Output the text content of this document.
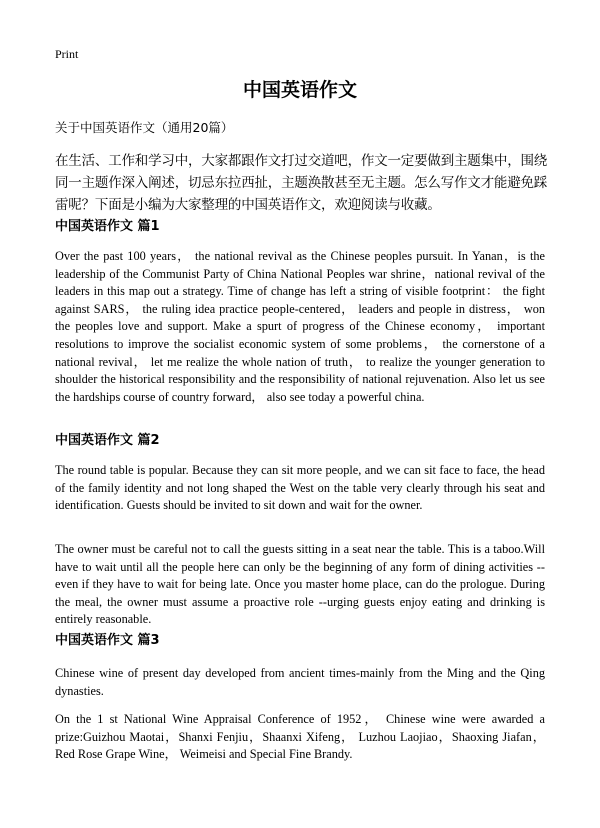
Print
中国英语作文
关于中国英语作文（通用20篇）
在生活、工作和学习中，大家都跟作文打过交道吧，作文一定要做到主题集中，围绕同一主题作深入阐述，切忌东拉西扯，主题涣散甚至无主题。怎么写作文才能避免踩雷呢？下面是小编为大家整理的中国英语作文，欢迎阅读与收藏。
中国英语作文 篇1
Over the past 100 years， the national revival as the Chinese peoples pursuit. In Yanan，is the leadership of the Communist Party of China National Peoples war shrine，national revival of the leaders in this map out a strategy. Time of change has left a string of visible footprint： the fight against SARS， the ruling idea practice people-centered， leaders and people in distress， won the peoples love and support. Make a spurt of progress of the Chinese economy， important resolutions to improve the socialist economic system of some problems， the cornerstone of a national revival， let me realize the whole nation of truth， to realize the younger generation to shoulder the historical responsibility and the responsibility of national rejuvenation. Also let us see the hardships course of country forward， also see today a powerful china.
中国英语作文 篇2
The round table is popular. Because they can sit more people, and we can sit face to face, the head of the family identity and not long shaped the West on the table very clearly through his seat and identification. Guests should be invited to sit down and wait for the owner.
The owner must be careful not to call the guests sitting in a seat near the table. This is a taboo.Will have to wait until all the people here can only be the beginning of any form of dining activities --even if they have to wait for being late. Once you master home place, can do the prologue. During the meal, the owner must assume a proactive role --urging guests enjoy eating and drinking is entirely reasonable.
中国英语作文 篇3
Chinese wine of present day developed from ancient times-mainly from the Ming and the Qing dynasties.
On the 1 st National Wine Appraisal Conference of 1952， Chinese wine were awarded a prize:Guizhou Maotai，Shanxi Fenjiu，Shaanxi Xifeng， Luzhou Laojiao，Shaoxing Jiafan，Red Rose Grape Wine， Weimeisi and Special Fine Brandy.
